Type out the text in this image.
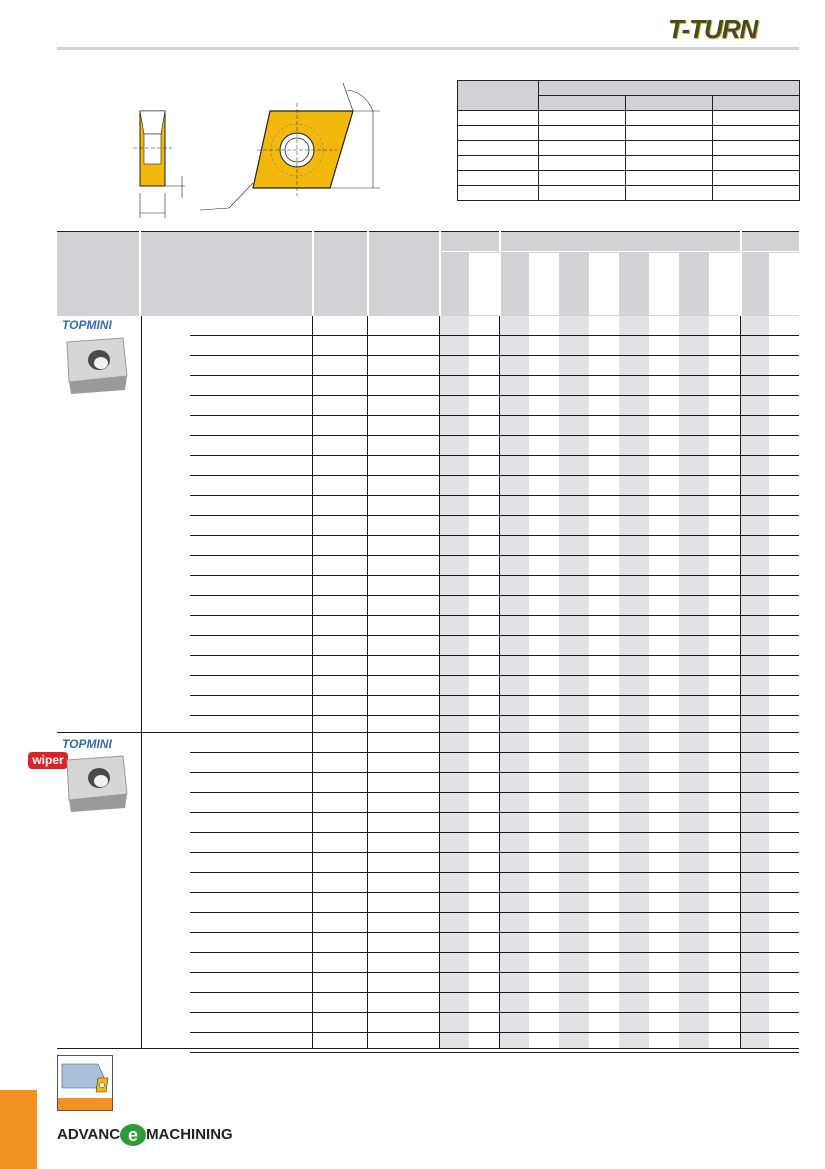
T-TURN

TOPMINI
TOPMINI
wiper
ADVANC e MACHINING
